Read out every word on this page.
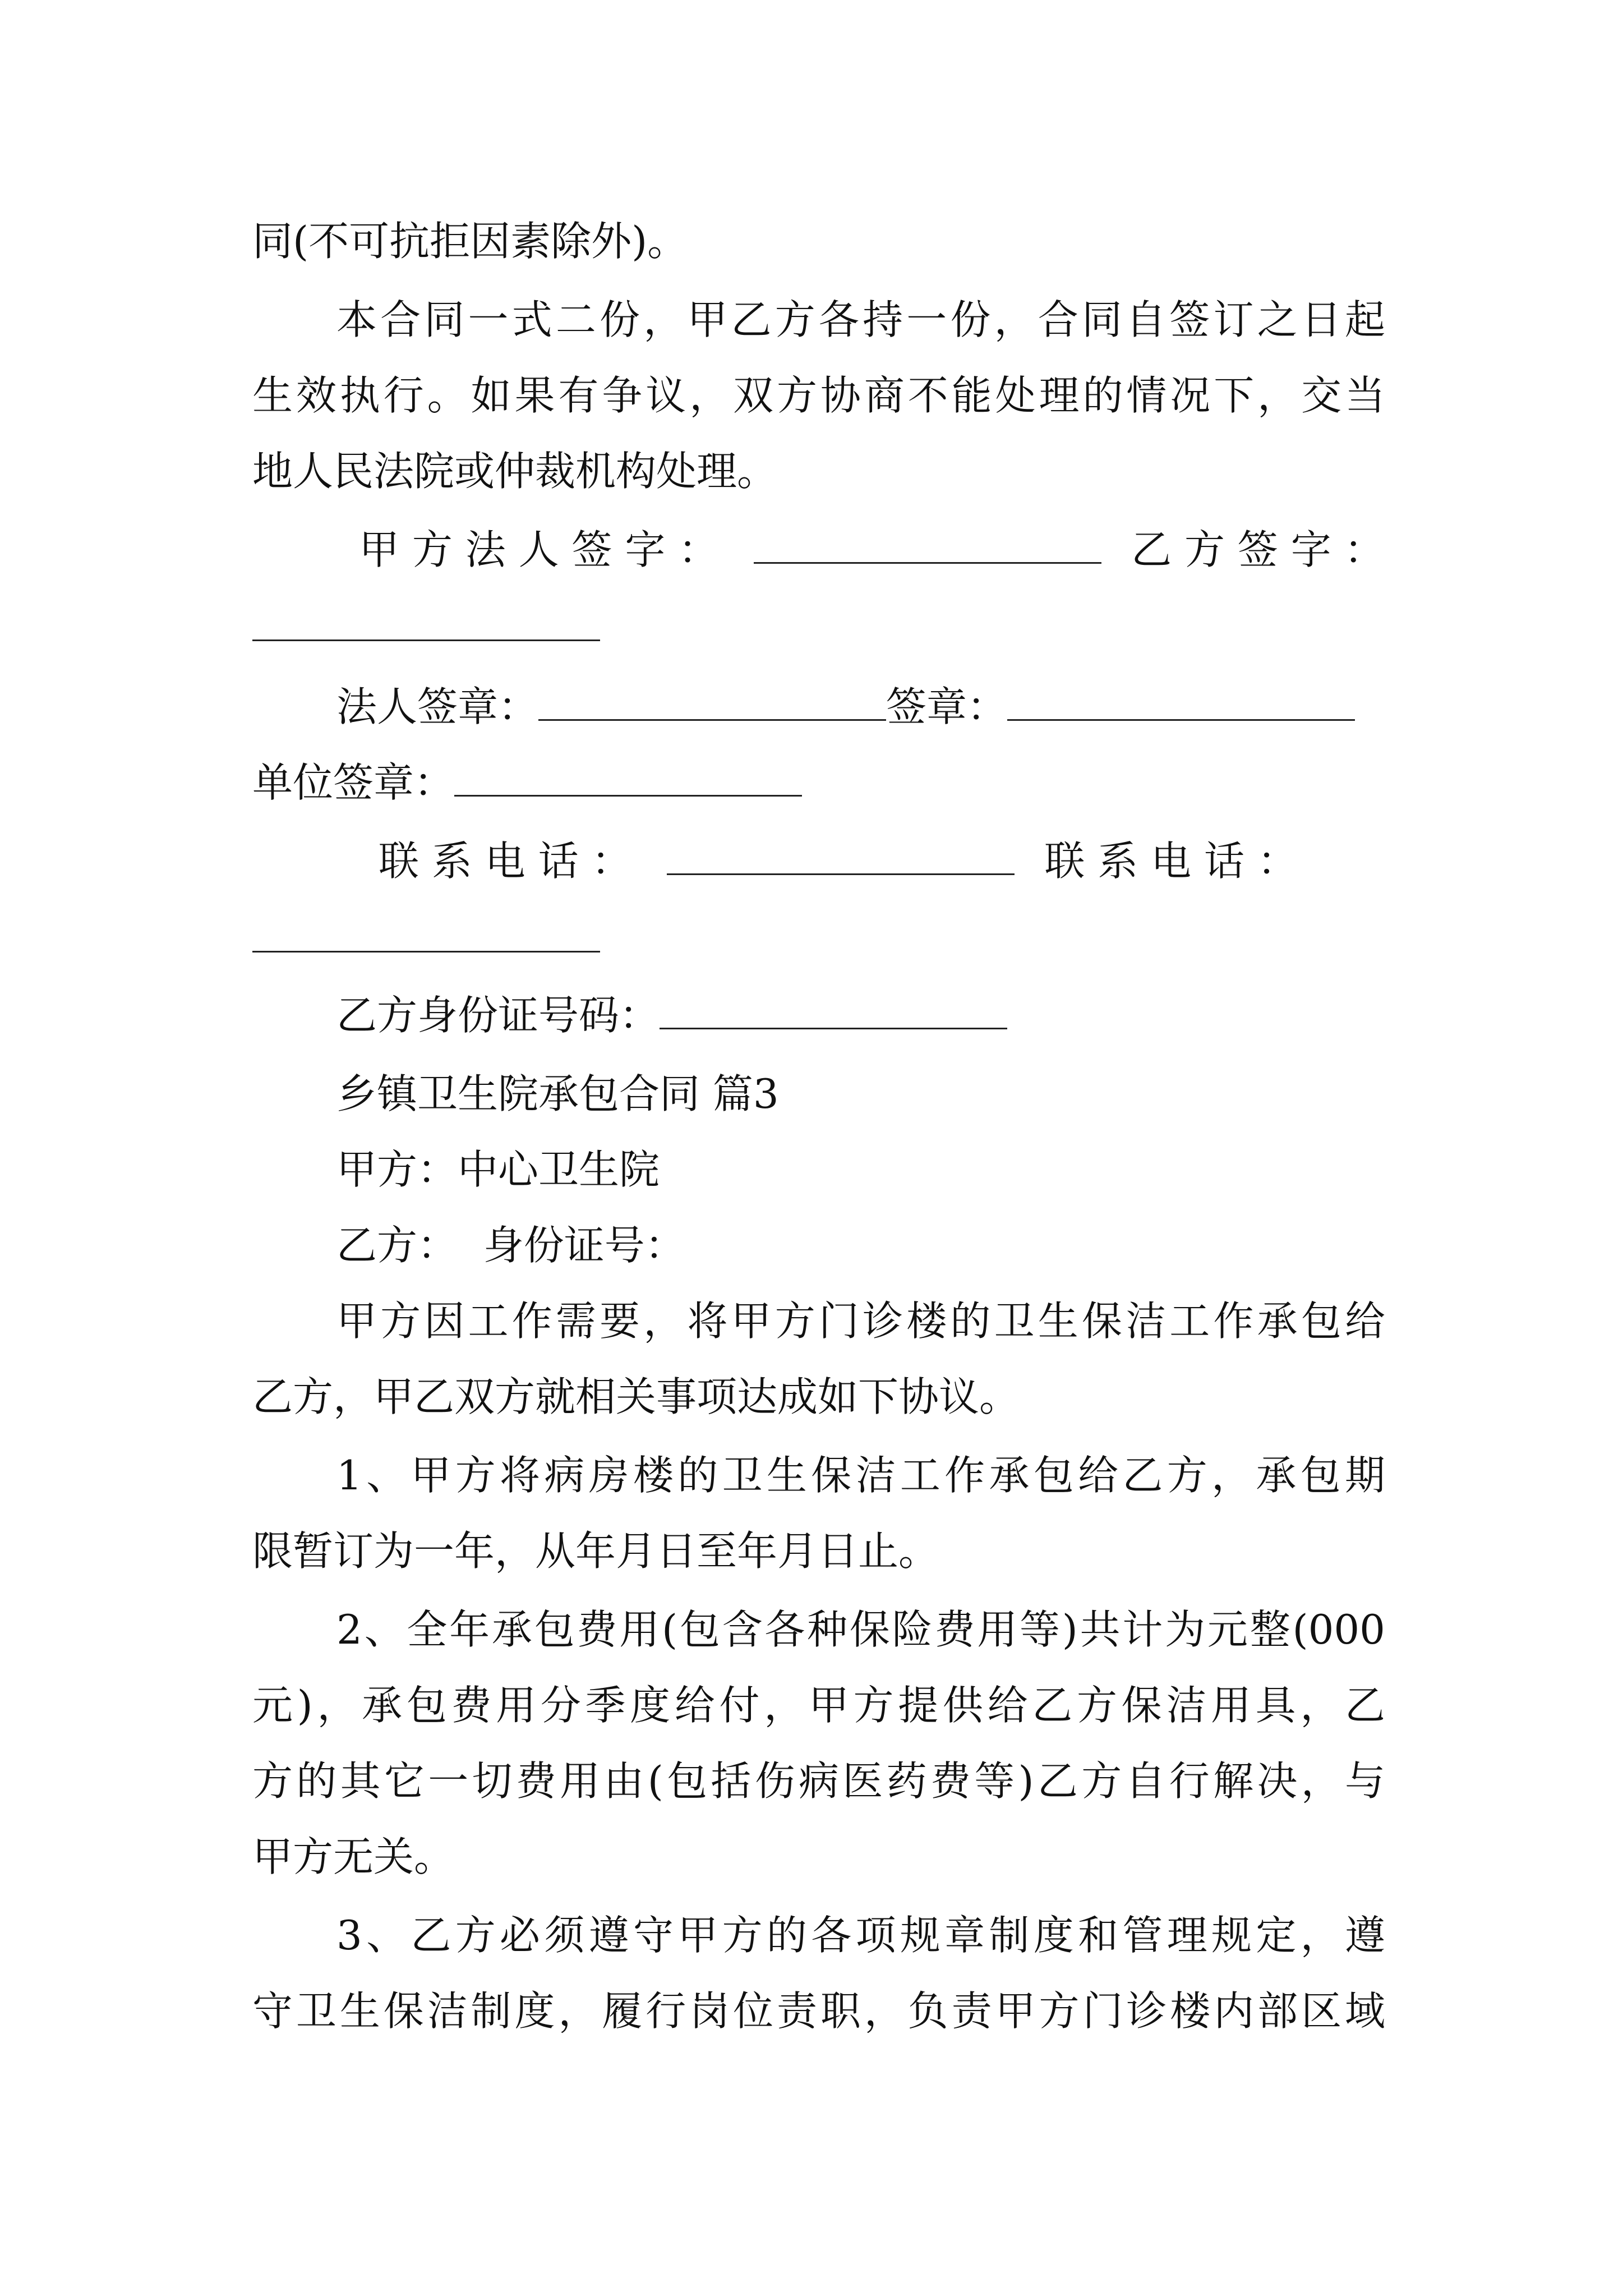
同(不可抗拒因素除外)。
本合同一式二份，甲乙方各持一份，合同自签订之日起
生效执行。如果有争议，双方协商不能处理的情况下，交当
地人民法院或仲裁机构处理。
甲 方 法 人 签 字 ：	乙 方 签 字 ：
法人签章：	签章：
单位签章：
联 系 电 话 ：	联 系 电 话 ：
乙方身份证号码：
乡镇卫生院承包合同 篇3
甲方：中心卫生院
乙方：  身份证号：
甲方因工作需要，将甲方门诊楼的卫生保洁工作承包给
乙方，甲乙双方就相关事项达成如下协议。
1、甲方将病房楼的卫生保洁工作承包给乙方，承包期
限暂订为一年，从年月日至年月日止。
2、全年承包费用(包含各种保险费用等)共计为元整(000
元)，承包费用分季度给付，甲方提供给乙方保洁用具，乙
方的其它一切费用由(包括伤病医药费等)乙方自行解决，与
甲方无关。
3、乙方必须遵守甲方的各项规章制度和管理规定，遵
守卫生保洁制度，履行岗位责职，负责甲方门诊楼内部区域
